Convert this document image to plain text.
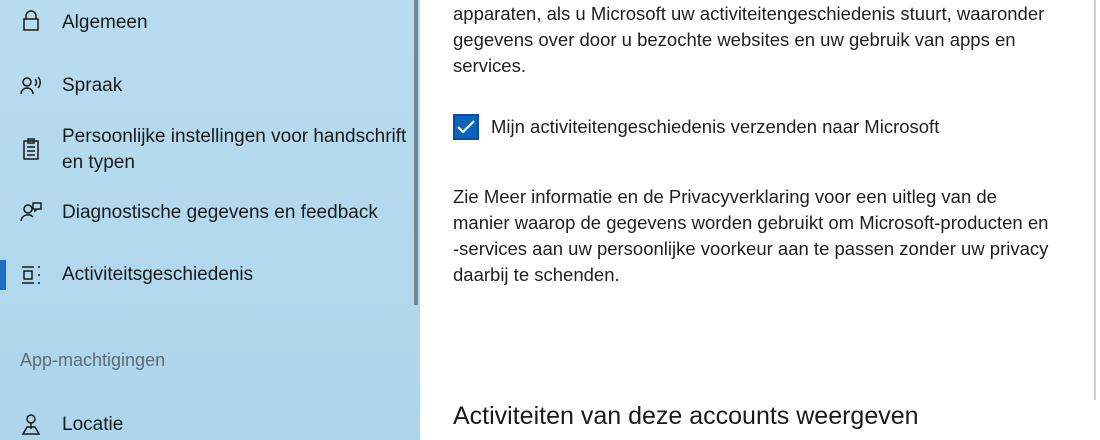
Algemeen
Spraak
Persoonlijke instellingen voor handschrift en typen
Diagnostische gegevens en feedback
Activiteitsgeschiedenis
App-machtigingen
Locatie
apparaten, als u Microsoft uw activiteitengeschiedenis stuurt, waaronder gegevens over door u bezochte websites en uw gebruik van apps en services.
Mijn activiteitengeschiedenis verzenden naar Microsoft
Zie Meer informatie en de Privacyverklaring voor een uitleg van de manier waarop de gegevens worden gebruikt om Microsoft-producten en -services aan uw persoonlijke voorkeur aan te passen zonder uw privacy daarbij te schenden.
Activiteiten van deze accounts weergeven
